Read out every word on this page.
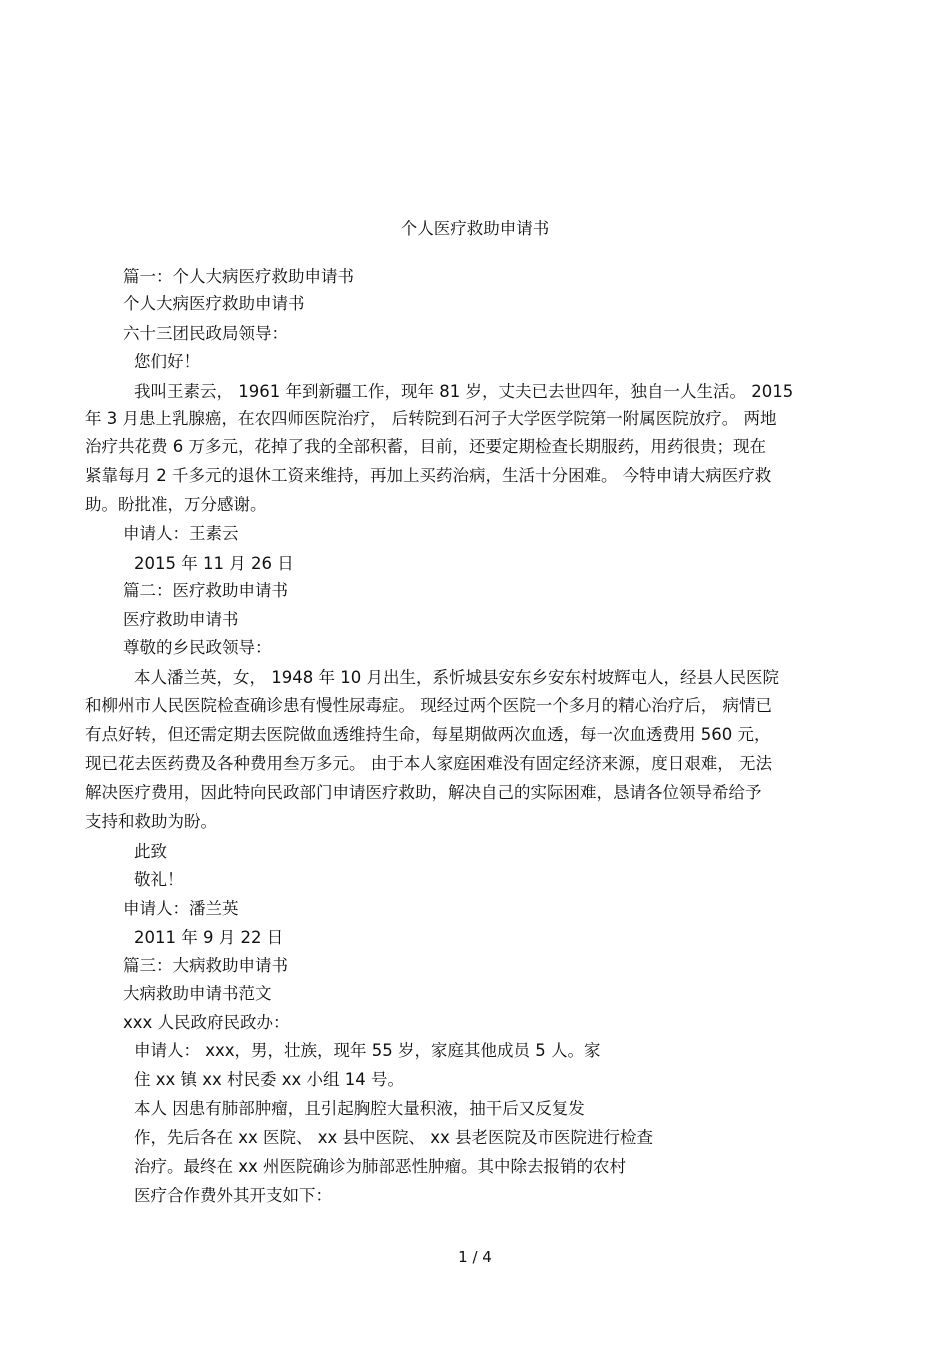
个人医疗救助申请书
篇一：个人大病医疗救助申请书
个人大病医疗救助申请书
六十三团民政局领导：
您们好！
我叫王素云， 1961 年到新疆工作，现年 81 岁，丈夫已去世四年，独自一人生活。 2015
年 3 月患上乳腺癌，在农四师医院治疗， 后转院到石河子大学医学院第一附属医院放疗。 两地
治疗共花费 6 万多元，花掉了我的全部积蓄，目前，还要定期检查长期服药，用药很贵；现在
紧靠每月 2 千多元的退休工资来维持，再加上买药治病，生活十分困难。 今特申请大病医疗救
助。盼批准，万分感谢。
申请人：王素云
2015 年 11 月 26 日
篇二：医疗救助申请书
医疗救助申请书
尊敬的乡民政领导：
本人潘兰英，女， 1948 年 10 月出生，系忻城县安东乡安东村坡辉屯人，经县人民医院
和柳州市人民医院检查确诊患有慢性尿毒症。 现经过两个医院一个多月的精心治疗后， 病情已
有点好转，但还需定期去医院做血透维持生命，每星期做两次血透，每一次血透费用 560 元，
现已花去医药费及各种费用叁万多元。 由于本人家庭困难没有固定经济来源，度日艰难， 无法
解决医疗费用，因此特向民政部门申请医疗救助，解决自己的实际困难，恳请各位领导希给予
支持和救助为盼。
此致
敬礼！
申请人：潘兰英
2011 年 9 月 22 日
篇三：大病救助申请书
大病救助申请书范文
xxx 人民政府民政办：
申请人： xxx，男，壮族，现年 55 岁，家庭其他成员 5 人。家
住 xx 镇 xx 村民委 xx 小组 14 号。
本人 因患有肺部肿瘤，且引起胸腔大量积液，抽干后又反复发
作，先后各在 xx 医院、 xx 县中医院、 xx 县老医院及市医院进行检查
治疗。最终在 xx 州医院确诊为肺部恶性肿瘤。其中除去报销的农村
医疗合作费外其开支如下：
1 / 4
